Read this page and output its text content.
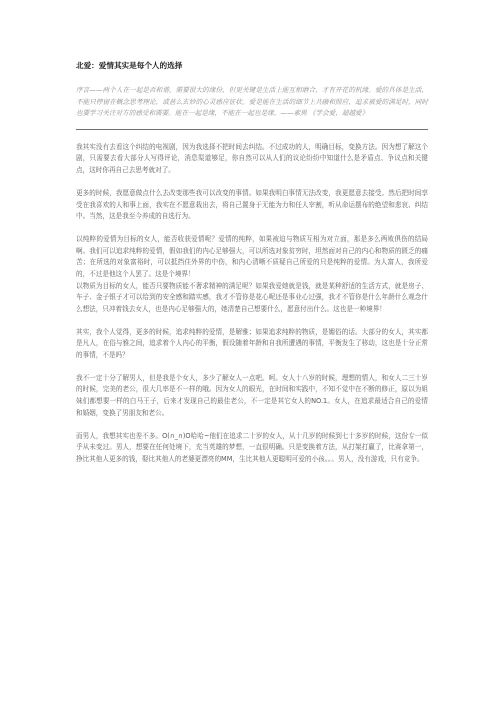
北爱：爱情其实是每个人的选择

序言——两个人在一起是否和谐，需要很大的缘份，但更关键是生活上能互相磨合，才有开花的机缘。爱的具体是生活，不能只停留在概念思考理论，或甚么玄妙的心灵感应征状。爱是能在生活的细节上共融和照应，追求被爱的满足时，同时也要学习关注对方的感受和需要。能在一起是缘，不能在一起也是缘。——素黑 《学会爱，超越爱》

我其实没有去看这个纠结的电视剧，因为我选择不把时间去纠结。不过成功的人，明确目标，变换方法。因为想了解这个剧，只需要去看大部分人写得评论，消息渠道够足，你自然可以从人们的议论纷纷中知道什么是矛盾点、争议点和关键点，这时你再自己去思考就对了。

更多的时候，我愿意做点什么去改变那些我可以改变的事情。如果我明白事情无法改变，我更愿意去接受。然后把时间享受在我喜欢的人和事上面，我实在不愿意栽出去，将自己置身于无能为力和任人宰割，听从命运摆布的绝望和悲哀、纠结中。当然，这是我至今养成的自选行为。

以纯粹的爱情为目标的女人，能否收获爱情呢？爱情的纯粹，如果被迫与物质互相为对立面，那是多么两败俱伤的结局啊。我们可以追求纯粹的爱情，假如我们的内心足够强大，可以所选对象贫穷时，坦然面对自己的内心和物质的匮乏的痛苦；在所选的对象富裕时，可以抵挡住外界的中伤，和内心清晰不质疑自己所爱的只是纯粹的爱情。为人富人，我所爱的，不过是他这个人罢了。这是个境界！

以物质为目标的女人，能否只要物质能不奢求精神的满足呢？如果我爱她就是钱，就是某种舒适的生活方式，就是房子、车子、金子银子才可以给到的安全感和踏实感，我才不管你是花心呢还是事业心过强，我才不管你是什么年龄什么观念什么想法，只冲着钱去女人，也是内心足够强大的，她清楚自己想要什么，愿意付出什么。这也是一种境界！

其实，我个人觉得，更多的时候，追求纯粹的爱情，是解雅；如果追求纯粹的物质，是媚俗的话。大部分的女人，其实都是凡人，在俗与雅之间，追求着个人内心的平衡，假设随着年龄和自我所遭遇的事情，平衡发生了移动，这也是十分正常的事情，不是吗？

我不一定十分了解男人，但是我是个女人，多少了解女人一点吧。呵。女人十八岁的时候，理想的情人，和女人二三十岁的时候，完美的老公，很大几率是不一样的哦。因为女人的眼光，在时间和实践中，不知不觉中在不断的修正，原以为姐妹们都想要一样的白马王子，后来才发现自己的最佳老公，不一定是其它女人的NO.1。女人，在追求最适合自己的爱情和婚姻，变换了男朋友和老公。

而男人，我想其实也差不多。O(∩_∩)O哈哈~他们在追求二十岁的女人，从十几岁的时候到七十多岁的时候，这份专一似乎从未变过。男人，想要在任何处境下，充当英雄的梦想，一直很明确。只是变换着方法，从打架打赢了，比赛拿第一，挣比其他人更多的钱，娶比其他人的老婆更漂亮的MM，生比其他人更聪明可爱的小孩。。。男人，没有游戏，只有竞争。
